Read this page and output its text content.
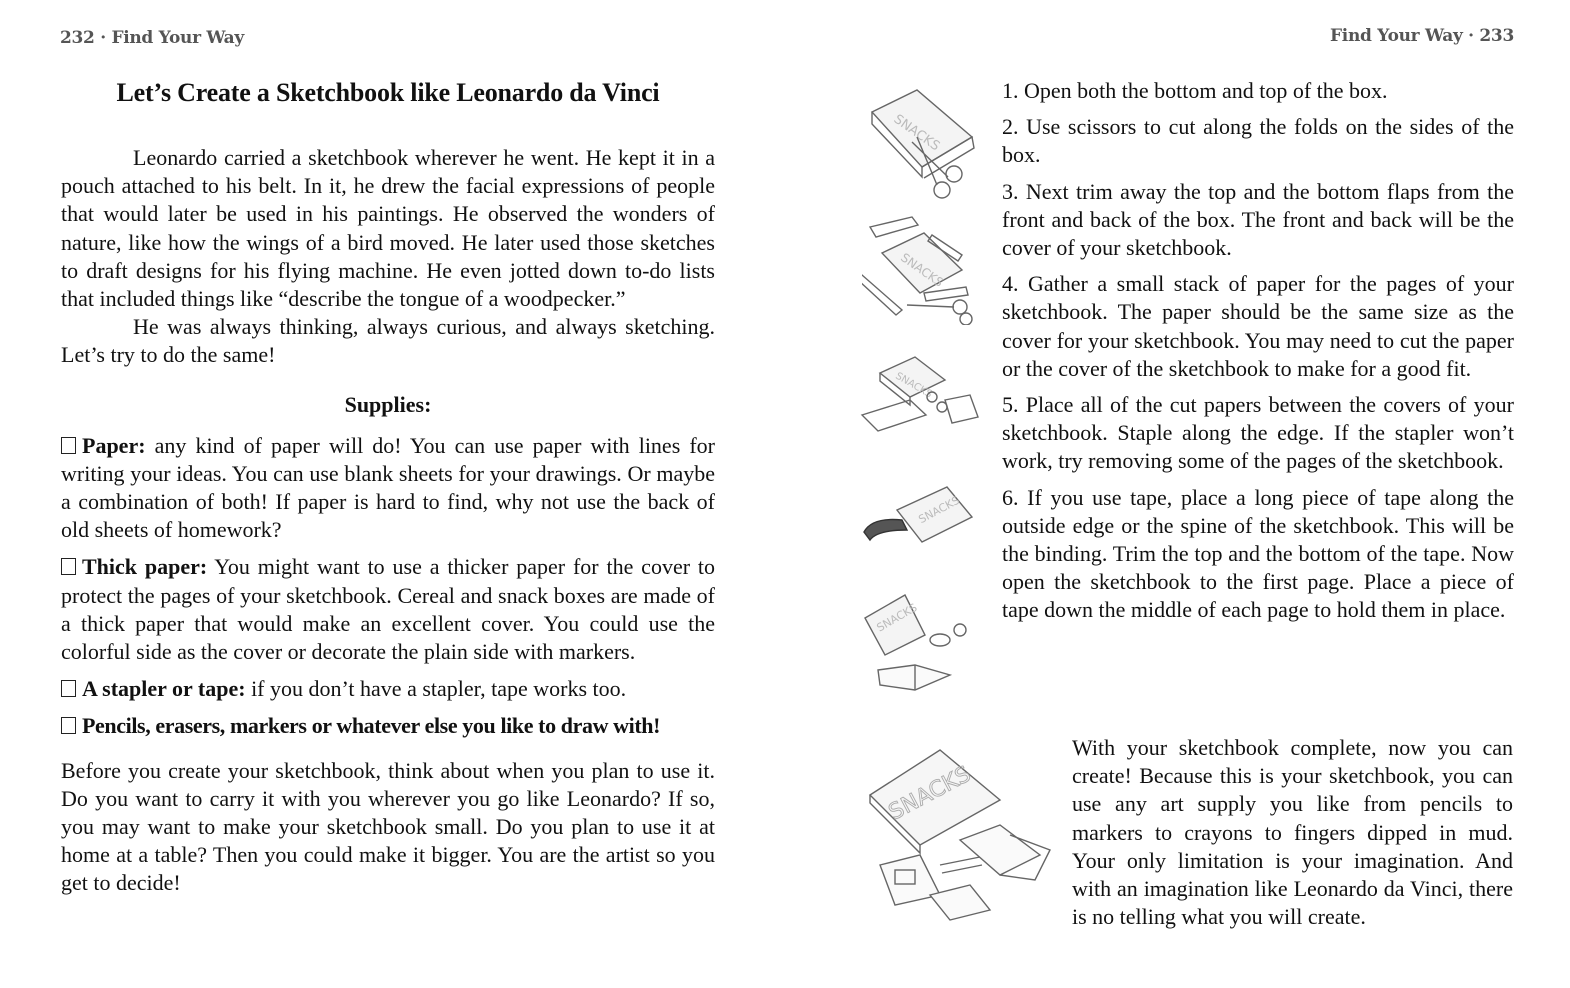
232 · Find Your Way	Find Your Way · 233
Let’s Create a Sketchbook like Leonardo da Vinci

Leonardo carried a sketchbook wherever he went. He kept it in a pouch attached to his belt. In it, he drew the facial expressions of people that would later be used in his paintings. He observed the wonders of nature, like how the wings of a bird moved. He later used those sketches to draft designs for his flying machine. He even jotted down to-do lists that included things like “describe the tongue of a woodpecker.”

He was always thinking, always curious, and always sketching. Let’s try to do the same!

Supplies:

Paper: any kind of paper will do! You can use paper with lines for writing your ideas. You can use blank sheets for your drawings. Or maybe a combination of both! If paper is hard to find, why not use the back of old sheets of homework?

Thick paper: You might want to use a thicker paper for the cover to protect the pages of your sketchbook. Cereal and snack boxes are made of a thick paper that would make an excellent cover. You could use the colorful side as the cover or decorate the plain side with markers.

A stapler or tape: if you don’t have a stapler, tape works too.

Pencils, erasers, markers or whatever else you like to draw with!

Before you create your sketchbook, think about when you plan to use it. Do you want to carry it with you wherever you go like Leonardo? If so, you may want to make your sketchbook small. Do you plan to use it at home at a table? Then you could make it bigger. You are the artist so you get to decide!

1. Open both the bottom and top of the box.

2. Use scissors to cut along the folds on the sides of the box.

3. Next trim away the top and the bottom flaps from the front and back of the box. The front and back will be the cover of your sketchbook.

4. Gather a small stack of paper for the pages of your sketchbook. The paper should be the same size as the cover for your sketchbook. You may need to cut the paper or the cover of the sketchbook to make for a good fit.

5. Place all of the cut papers between the covers of your sketchbook. Staple along the edge. If the stapler won’t work, try removing some of the pages of the sketchbook.

6. If you use tape, place a long piece of tape along the outside edge or the spine of the sketchbook. This will be the binding. Trim the top and the bottom of the tape. Now open the sketchbook to the first page. Place a piece of tape down the middle of each page to hold them in place.

With your sketchbook complete, now you can create! Because this is your sketchbook, you can use any art supply you like from pencils to markers to crayons to fingers dipped in mud. Your only limitation is your imagination. And with an imagination like Leonardo da Vinci, there is no telling what you will create.
SNACKS
SNACKS
SNACKS
SNACKS
SNACKS
SNACKS
